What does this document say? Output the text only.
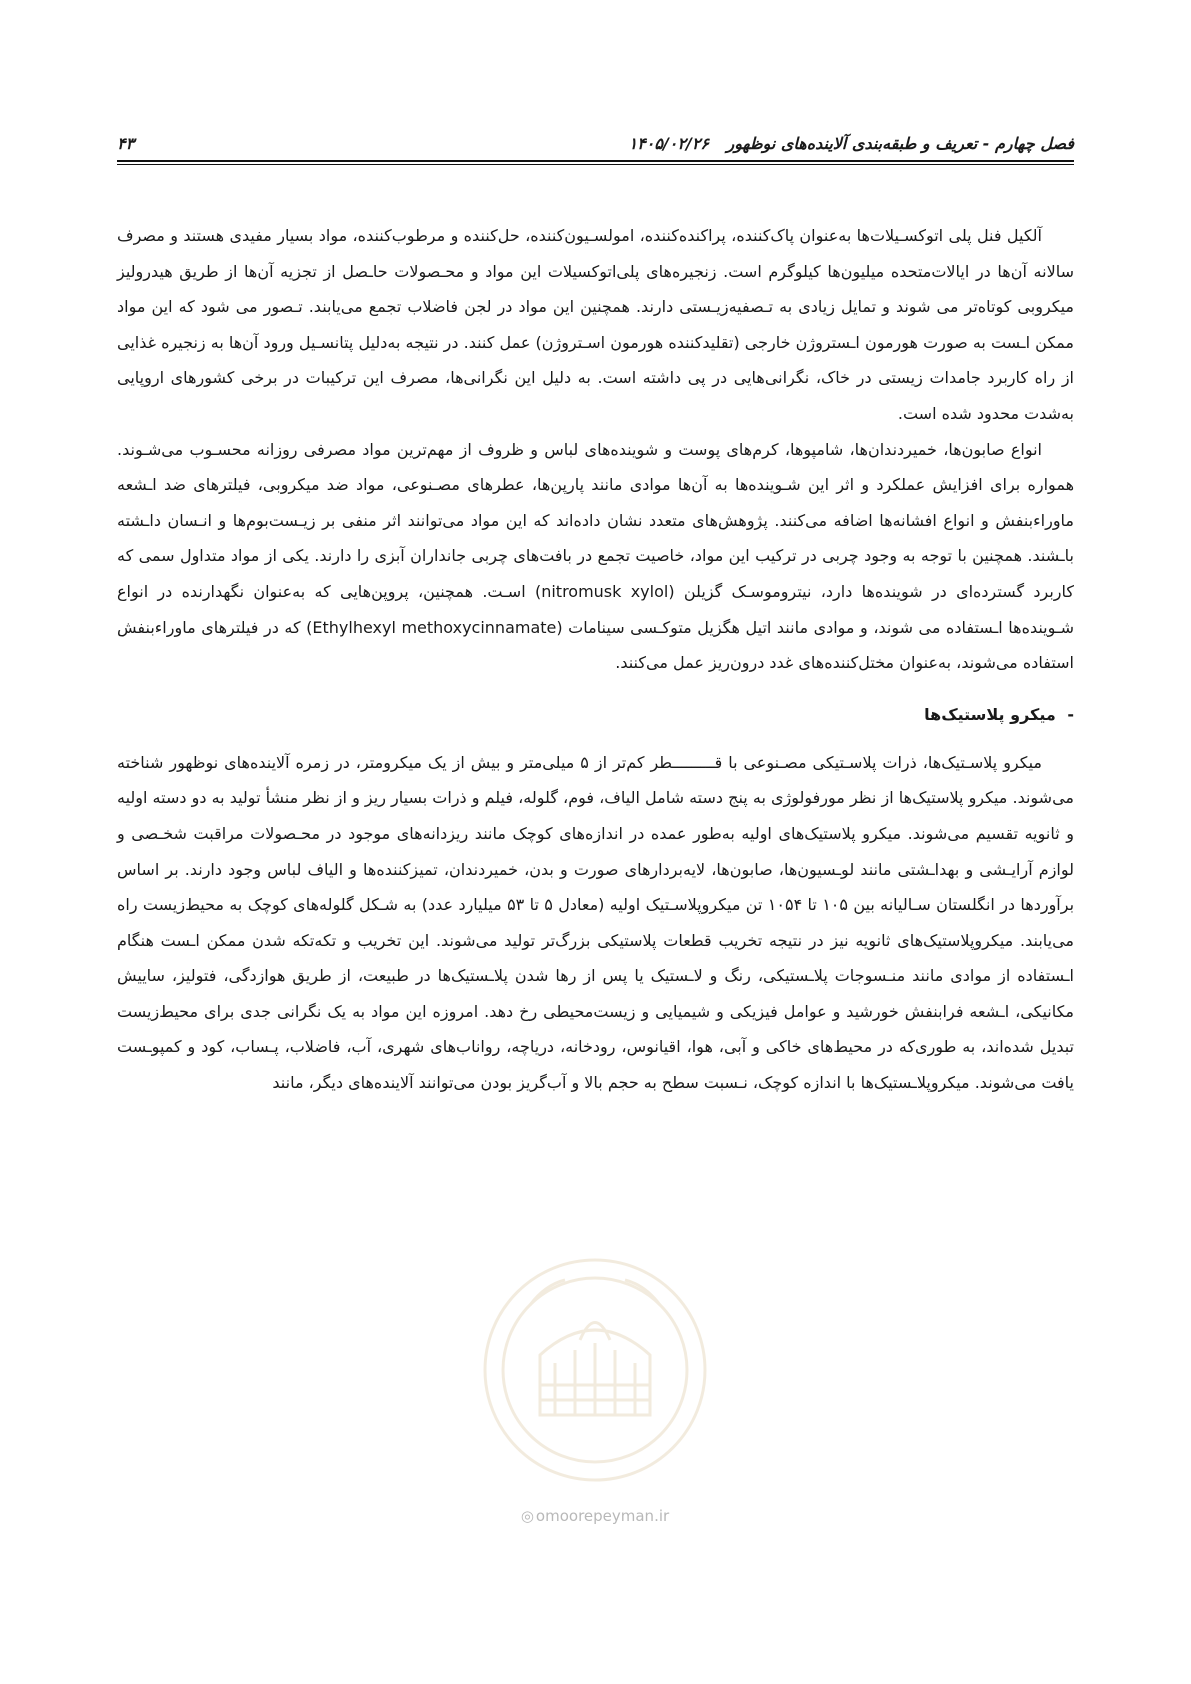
فصل چهارم - تعریف و طبقه‌بندی آلاینده‌های نوظهور
۱۴۰۵/۰۲/۲۶
۴۳

آلکیل فنل پلی اتوکسـیلات‌ها به‌عنوان پاک‌کننده، پراکنده‌کننده، امولسـیون‌کننده، حل‌کننده و مرطوب‌کننده، مواد بسیار مفیدی هستند و مصرف سالانه آن‌ها در ایالات‌متحده میلیون‌ها کیلوگرم است. زنجیره‌های پلی‌اتوکسیلات این مواد و محـصولات حاـصل از تجزیه آن‌ها از طریق هیدرولیز میکروبی کوتاه‌تر می شوند و تمایل زیادی به تـصفیه‌زیـستی دارند. همچنین این مواد در لجن فاضلاب تجمع می‌یابند. تـصور می شود که این مواد ممکن اـست به صورت هورمون اـستروژن خارجی (تقلیدکننده هورمون اسـتروژن) عمل کنند. در نتیجه به‌دلیل پتانسـیل ورود آن‌ها به زنجیره غذایی از راه کاربرد جامدات زیستی در خاک، نگرانی‌هایی در پی داشته است. به دلیل این نگرانی‌ها، مصرف این ترکیبات در برخی کشورهای اروپایی به‌شدت محدود شده است.

انواع صابون‌ها، خمیردندان‌ها، شامپوها، کرم‌های پوست و شوینده‌های لباس و ظروف از مهم‌ترین مواد مصرفی روزانه محسـوب می‌شـوند. همواره برای افزایش عملکرد و اثر این شـوینده‌ها به آن‌ها موادی مانند پارپن‌ها، عطرهای مصـنوعی، مواد ضد میکروبی، فیلترهای ضد اـشعه ماوراءبنفش و انواع افشانه‌ها اضافه می‌کنند. پژوهش‌های متعدد نشان داده‌اند که این مواد می‌توانند اثر منفی بر زیـست‌بوم‌ها و انـسان داـشته باـشند. همچنین با توجه به وجود چربی در ترکیب این مواد، خاصیت تجمع در بافت‌های چربی جانداران آبزی را دارند. یکی از مواد متداول سمی که کاربرد گسترده‌ای در شوینده‌ها دارد، نیتروموسـک گزیلن (nitromusk xylol) اسـت. همچنین، پروپن‌هایی که به‌عنوان نگهدارنده در انواع شـوینده‌ها اـستفاده می شوند، و موادی مانند اتیل هگزیل متوکـسی سینامات (Ethylhexyl methoxycinnamate) که در فیلترهای ماوراءبنفش استفاده می‌شوند، به‌عنوان مختل‌کننده‌های غدد درون‌ریز عمل می‌کنند.

- میکرو پلاستیک‌ها

میکرو پلاسـتیک‌ها، ذرات پلاسـتیکی مصـنوعی با قـــــــــطر کم‌تر از ۵ میلی‌متر و بیش از یک میکرومتر، در زمره آلاینده‌های نوظهور شناخته می‌شوند. میکرو پلاستیک‌ها از نظر مورفولوژی به پنج دسته شامل الیاف، فوم، گلوله، فیلم و ذرات بسیار ریز و از نظر منشأ تولید به دو دسته اولیه و ثانویه تقسیم می‌شوند. میکرو پلاستیک‌های اولیه به‌طور عمده در اندازه‌های کوچک مانند ریزدانه‌های موجود در محـصولات مراقبت شخـصی و لوازم آرایـشی و بهداـشتی مانند لوـسیون‌ها، صابون‌ها، لایه‌بردارهای صورت و بدن، خمیردندان، تمیزکننده‌ها و الیاف لباس وجود دارند. بر اساس برآوردها در انگلستان سـاليانه بين ۱۰۵ تا ۱۰۵۴ تن ميكروپلاسـتيک اوليه (معادل ۵ تا ۵۳ ميليارد عدد) به شـكل گلوله‌هاى كوچک به محيط‌زيست راه می‌يابند. ميكروپلاستيک‌های ثانويه نيز در نتيجه تخريب قطعات پلاستيكی بزرگ‌تر توليد می‌شوند. اين تخريب و تكه‌تكه شدن ممكن اـست هنگام اـستفاده از موادی مانند منـسوجات پلاـستيكی، رنگ و لاـستيک يا پس از رها شدن پلاـستيک‌ها در طبيعت، از طريق هوازدگی، فتوليز، ساييش مكانيكی، اـشعه فرابنفش خورشيد و عوامل فيزيكی و شيميايی و زيست‌محيطی رخ دهد. امروزه اين مواد به يک نگرانی جدی برای محيط‌زيست تبديل شده‌اند، به طوری‌كه در محيط‌های خاكی و آبی، هوا، اقيانوس، رودخانه، درياچه، رواناب‌های شهری، آب، فاضلاب، پـساب، كود و كمپوـست يافت می‌شوند. ميكروپلاـستيک‌ها با اندازه كوچک، نـسبت سطح به حجم بالا و آب‌گريز بودن می‌توانند آلاينده‌های ديگر، مانند

◎ omoorepeyman.ir
